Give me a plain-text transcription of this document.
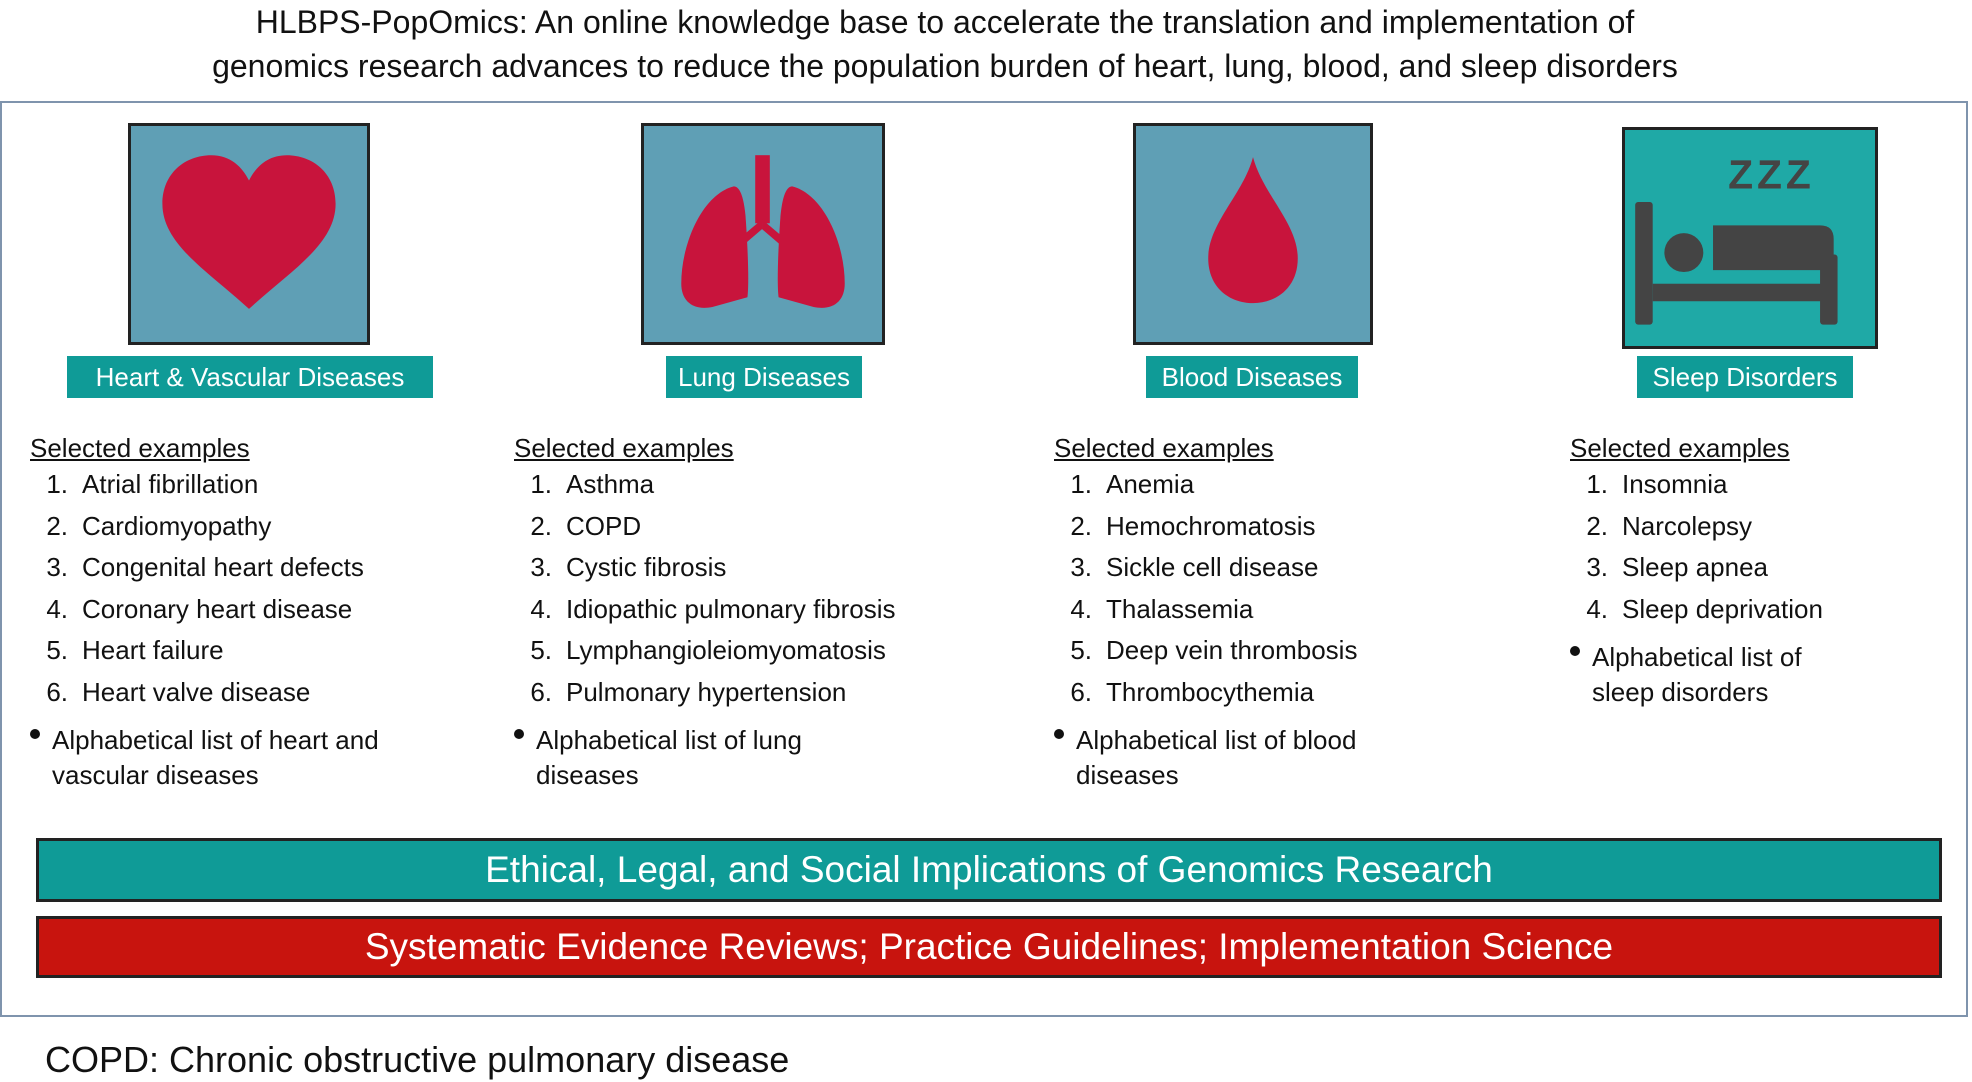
HLBPS-PopOmics: An online knowledge base to accelerate the translation and implementation of
genomics research advances to reduce the population burden of heart, lung, blood, and sleep disorders
ZZZ
Heart & Vascular Diseases	Lung Diseases	Blood Diseases	Sleep Disorders
Selected examples
1. Atrial fibrillation
2. Cardiomyopathy
3. Congenital heart defects
4. Coronary heart disease
5. Heart failure
6. Heart valve disease
Alphabetical list of heart and
vascular diseases
Selected examples
1. Asthma
2. COPD
3. Cystic fibrosis
4. Idiopathic pulmonary fibrosis
5. Lymphangioleiomyomatosis
6. Pulmonary hypertension
Alphabetical list of lung
diseases
Selected examples
1. Anemia
2. Hemochromatosis
3. Sickle cell disease
4. Thalassemia
5. Deep vein thrombosis
6. Thrombocythemia
Alphabetical list of blood
diseases
Selected examples
1. Insomnia
2. Narcolepsy
3. Sleep apnea
4. Sleep deprivation
Alphabetical list of
sleep disorders
Ethical, Legal, and Social Implications of Genomics Research
Systematic Evidence Reviews; Practice Guidelines; Implementation Science
COPD: Chronic obstructive pulmonary disease
